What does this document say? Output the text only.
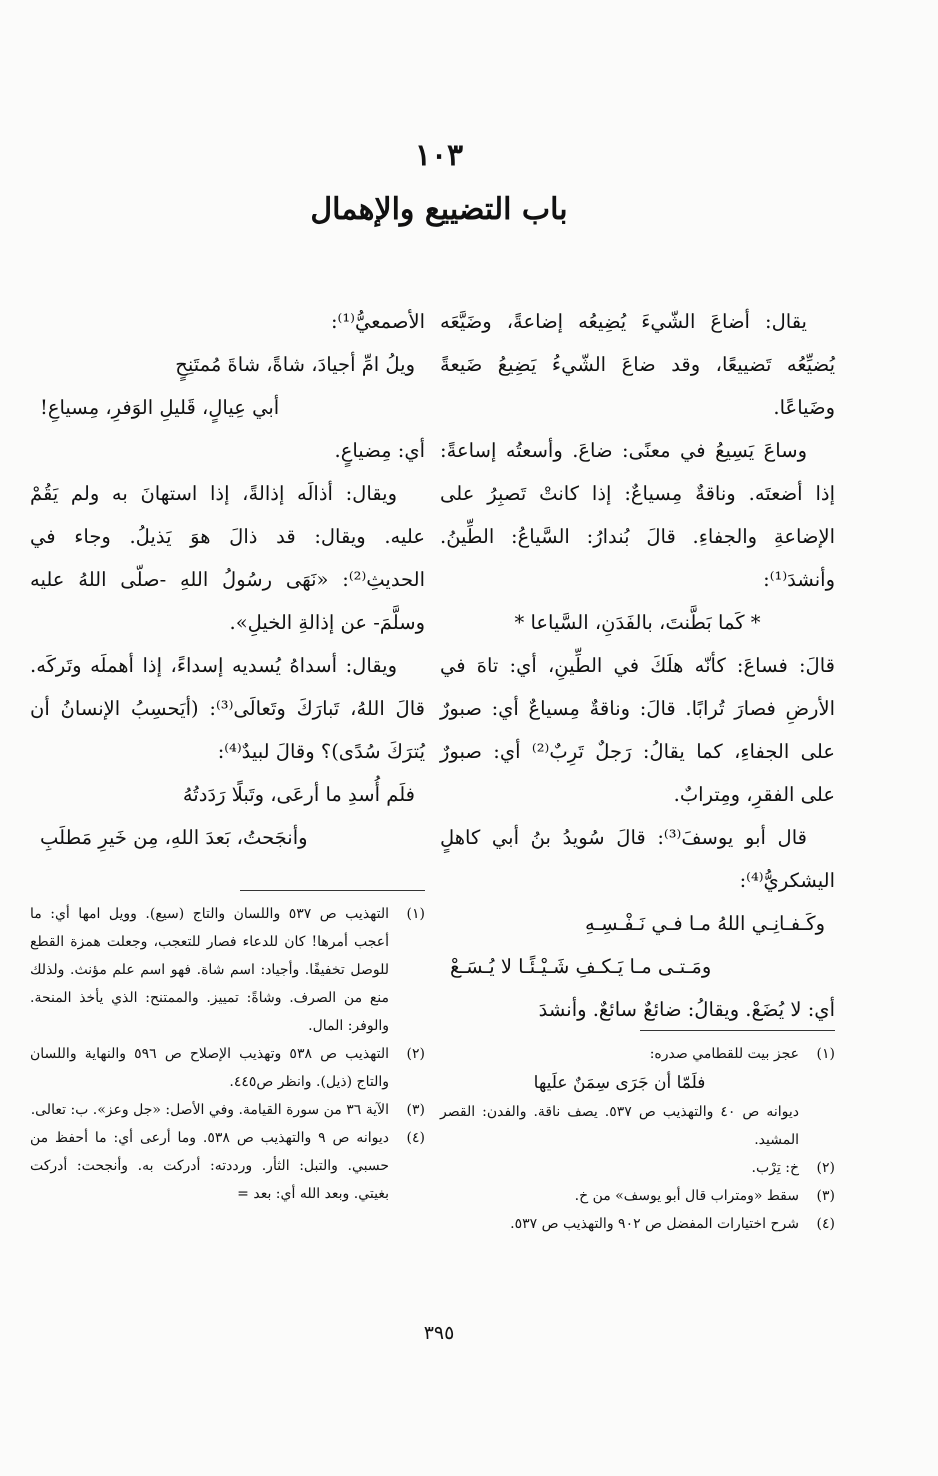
١٠٣
باب التضييع والإهمال

يقال: أضاعَ الشّيءَ يُضِيعُه إضاعةً، وضَيَّعَه يُضيِّعُه تَضييعًا، وقد ضاعَ الشّيءُ يَضِيعُ ضَيعةً وضَياعًا.

وساعَ يَسِيعُ في معنًى: ضاعَ. وأسعتُه إساعةً: إذا أضعتَه. وناقةٌ مِسياعٌ: إذا كانتْ تَصبِرُ على الإضاعةِ والجفاءِ. قالَ بُندارُ: السَّياعُ: الطِّينُ. وأنشدَ⁽¹⁾:

* كَما بَطَّنتَ، بالفَدَنِ، السَّياعا *

قالَ: فساعَ: كأنّه هلَكَ في الطِّينِ، أي: تاهَ في الأرضِ فصارَ تُرابًا. قالَ: وناقةٌ مِسياعٌ أي: صبورٌ على الجفاءِ، كما يقالُ: رَجلٌ تَرِبٌ⁽²⁾ أي: صبورٌ على الفقرِ، ومِترابٌ.

قال أبو يوسفَ⁽³⁾: قالَ سُويدُ بنُ أبي كاهلٍ اليشكريُّ⁽⁴⁾:

وكَـفـانِـي اللهُ مـا فـي نَـفْـسِـهِ

ومَـتـى مـا يَـكـفِ شَـيْـئًـا لا يُـسَـعْ

أي: لا يُضَعْ. ويقالُ: ضائعٌ سائعٌ. وأنشدَ

الأصمعيُّ⁽¹⁾:

ويلُ امِّ أجيادَ، شاةً، شاةَ مُمتَنِحٍ

أبي عِيالٍ، قَليلِ الوَفرِ، مِسياعِ!

أي: مِضياعٍ.

ويقال: أذالَه إذالةً، إذا استهانَ به ولم يَقُمْ عليه. ويقال: قد ذالَ هوَ يَذيلُ. وجاء في الحديثِ⁽²⁾: «نَهَى رسُولُ اللهِ -صلّى اللهُ عليه وسلَّمَ- عن إذالةِ الخيلِ».

ويقال: أسداهُ يُسديه إسداءً، إذا أهملَه وتَركَه. قالَ اللهُ، تَبارَكَ وتَعالَى⁽³⁾: (أيَحسِبُ الإنسانُ أن يُترَكَ سُدًى)؟ وقالَ لبيدٌ⁽⁴⁾:

فلَم أُسدِ ما أرعَى، وتَبلًا رَدَدتُهُ

وأنجَحتُ، بَعدَ اللهِ، مِن خَيرِ مَطلَبِ

(١)
التهذيب ص ٥٣٧ واللسان والتاج (سيع). وويل امها أي: ما أعجب أمرها! كان للدعاء فصار للتعجب، وجعلت همزة القطع للوصل تخفيفًا. وأجياد: اسم شاة. فهو اسم علم مؤنث. ولذلك منع من الصرف. وشاةً: تمييز. والممتنح: الذي يأخذ المنحة. والوفر: المال.
(٢)
التهذيب ص ٥٣٨ وتهذيب الإصلاح ص ٥٩٦ والنهاية واللسان والتاج (ذيل). وانظر ص٤٤٥.
(٣)
الآية ٣٦ من سورة القيامة. وفي الأصل: «جل وعز». ب: تعالى.
(٤)
ديوانه ص ٩ والتهذيب ص ٥٣٨. وما أرعى أي: ما أحفظ من حسبي. والتبل: الثأر. ورددته: أدركت به. وأنجحت: أدركت بغيتي. وبعد الله أي: بعد =
(١)
عجز بيت للقطامي صدره:
فلَمّا أن جَرَى سِمَنٌ علَيها
ديوانه ص ٤٠ والتهذيب ص ٥٣٧. يصف ناقة. والفدن: القصر المشيد.
(٢)
خ: تِرْب.
(٣)
سقط «ومتراب قال أبو يوسف» من خ.
(٤)
شرح اختيارات المفضل ص ٩٠٢ والتهذيب ص ٥٣٧.
٣٩٥
